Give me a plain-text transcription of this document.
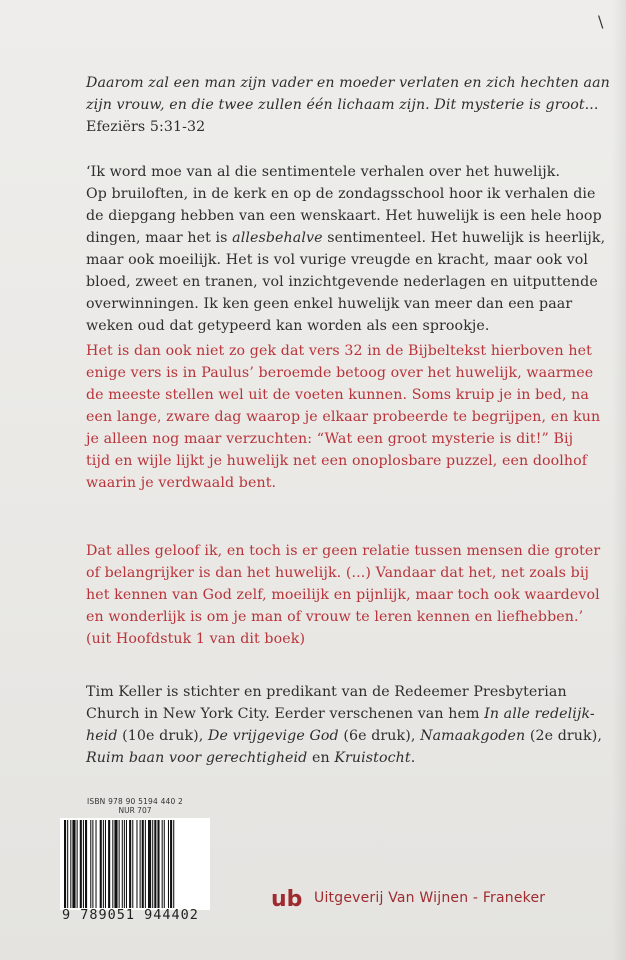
\
Daarom zal een man zijn vader en moeder verlaten en zich hechten aan
zijn vrouw, en die twee zullen één lichaam zijn. Dit mysterie is groot...
Efeziërs 5:31-32
‘Ik word moe van al die sentimentele verhalen over het huwelijk.
Op bruiloften, in de kerk en op de zondagsschool hoor ik verhalen die
de diepgang hebben van een wenskaart. Het huwelijk is een hele hoop
dingen, maar het is allesbehalve sentimenteel. Het huwelijk is heerlijk,
maar ook moeilijk. Het is vol vurige vreugde en kracht, maar ook vol
bloed, zweet en tranen, vol inzichtgevende nederlagen en uitputtende
overwinningen. Ik ken geen enkel huwelijk van meer dan een paar
weken oud dat getypeerd kan worden als een sprookje.
Het is dan ook niet zo gek dat vers 32 in de Bijbeltekst hierboven het
enige vers is in Paulus’ beroemde betoog over het huwelijk, waarmee
de meeste stellen wel uit de voeten kunnen. Soms kruip je in bed, na
een lange, zware dag waarop je elkaar probeerde te begrijpen, en kun
je alleen nog maar verzuchten: “Wat een groot mysterie is dit!” Bij
tijd en wijle lijkt je huwelijk net een onoplosbare puzzel, een doolhof
waarin je verdwaald bent.
Dat alles geloof ik, en toch is er geen relatie tussen mensen die groter
of belangrijker is dan het huwelijk. (...) Vandaar dat het, net zoals bij
het kennen van God zelf, moeilijk en pijnlijk, maar toch ook waardevol
en wonderlijk is om je man of vrouw te leren kennen en liefhebben.’
(uit Hoofdstuk 1 van dit boek)
Tim Keller is stichter en predikant van de Redeemer Presbyterian
Church in New York City. Eerder verschenen van hem In alle redelijk-
heid (10e druk), De vrijgevige God (6e druk), Namaakgoden (2e druk),
Ruim baan voor gerechtigheid en Kruistocht.
ISBN 978 90 5194 440 2
NUR 707
9 789051 944402
ub Uitgeverij Van Wijnen - Franeker
